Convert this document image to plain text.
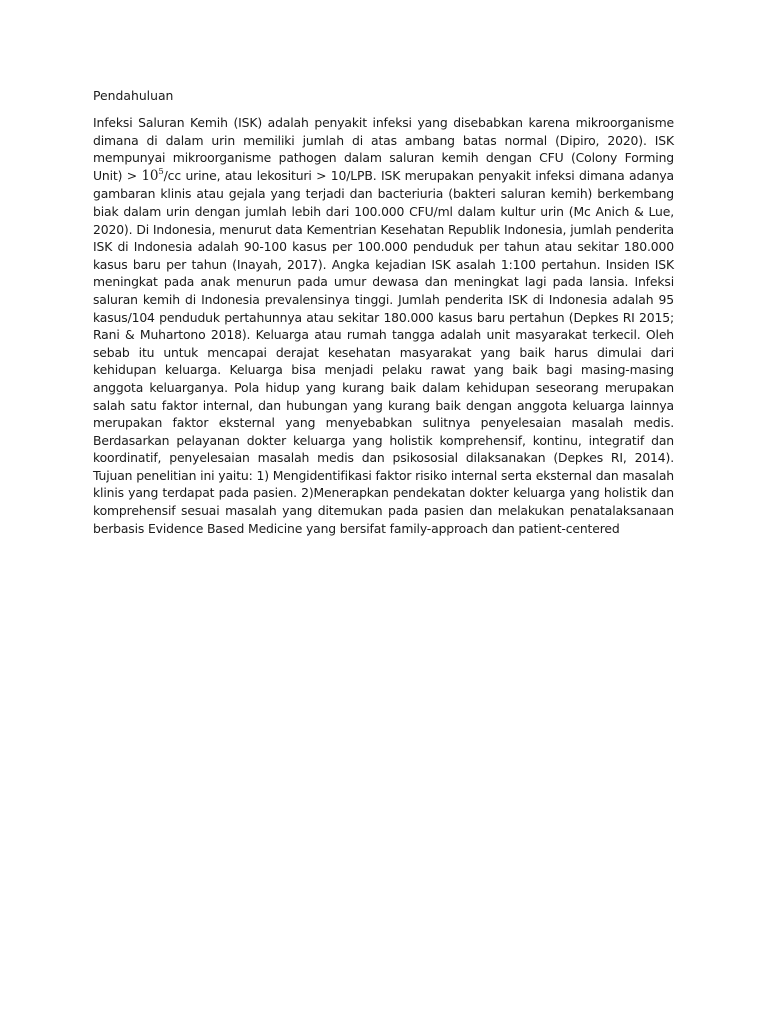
Pendahuluan

Infeksi Saluran Kemih (ISK) adalah penyakit infeksi yang disebabkan karena mikroorganisme dimana di dalam urin memiliki jumlah di atas ambang batas normal (Dipiro, 2020). ISK mempunyai mikroorganisme pathogen dalam saluran kemih dengan CFU (Colony Forming Unit) > $10^5/cc$ urine, atau lekosituri > 10/LPB. ISK merupakan penyakit infeksi dimana adanya gambaran klinis atau gejala yang terjadi dan bacteriuria (bakteri saluran kemih) berkembang biak dalam urin dengan jumlah lebih dari 100.000 CFU/ml dalam kultur urin (Mc Anich & Lue, 2020). Di Indonesia, menurut data Kementrian Kesehatan Republik Indonesia, jumlah penderita ISK di Indonesia adalah 90-100 kasus per 100.000 penduduk per tahun atau sekitar 180.000 kasus baru per tahun (Inayah, 2017). Angka kejadian ISK asalah 1:100 pertahun. Insiden ISK meningkat pada anak menurun pada umur dewasa dan meningkat lagi pada lansia. Infeksi saluran kemih di Indonesia prevalensinya tinggi. Jumlah penderita ISK di Indonesia adalah 95 kasus/104 penduduk pertahunnya atau sekitar 180.000 kasus baru pertahun (Depkes RI 2015; Rani & Muhartono 2018). Keluarga atau rumah tangga adalah unit masyarakat terkecil. Oleh sebab itu untuk mencapai derajat kesehatan masyarakat yang baik harus dimulai dari kehidupan keluarga. Keluarga bisa menjadi pelaku rawat yang baik bagi masing-masing anggota keluarganya. Pola hidup yang kurang baik dalam kehidupan seseorang merupakan salah satu faktor internal, dan hubungan yang kurang baik dengan anggota keluarga lainnya merupakan faktor eksternal yang menyebabkan sulitnya penyelesaian masalah medis. Berdasarkan pelayanan dokter keluarga yang holistik komprehensif, kontinu, integratif dan koordinatif, penyelesaian masalah medis dan psikososial dilaksanakan (Depkes RI, 2014). Tujuan penelitian ini yaitu: 1) Mengidentifikasi faktor risiko internal serta eksternal dan masalah klinis yang terdapat pada pasien. 2)Menerapkan pendekatan dokter keluarga yang holistik dan komprehensif sesuai masalah yang ditemukan pada pasien dan melakukan penatalaksanaan berbasis Evidence Based Medicine yang bersifat family-approach dan patient-centered
